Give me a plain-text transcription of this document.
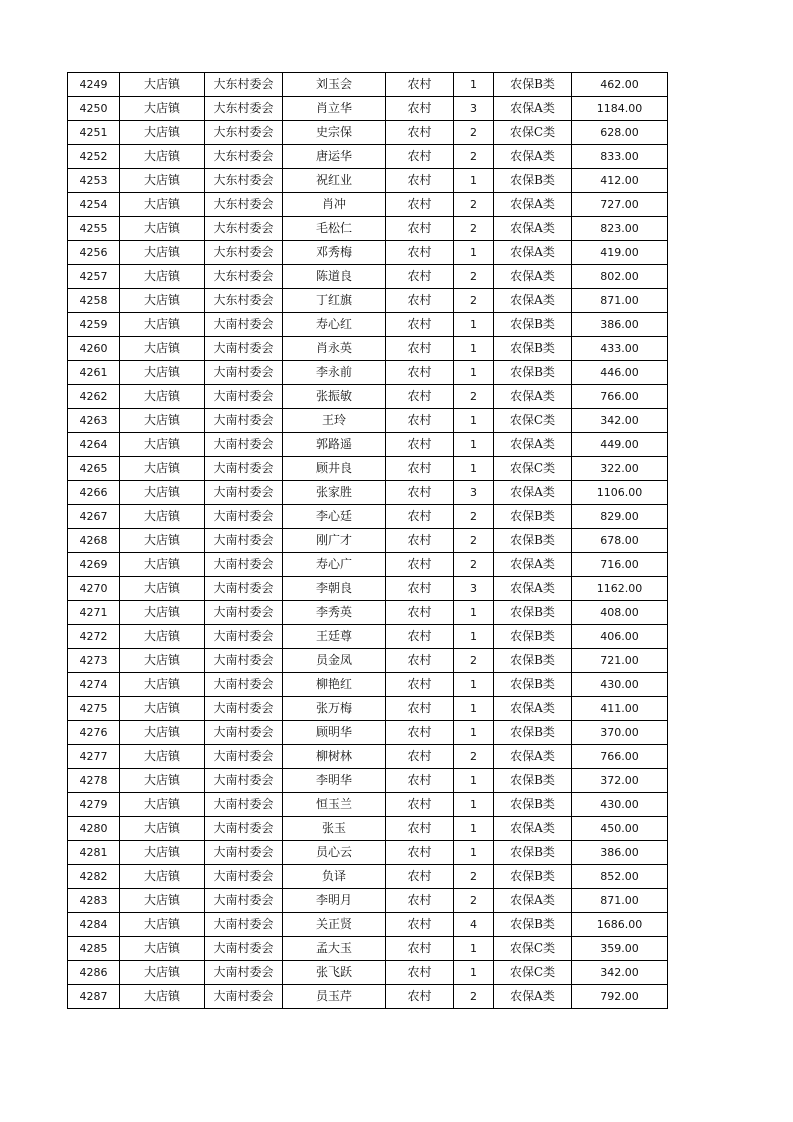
4249	大店镇	大东村委会	刘玉会	农村	1	农保B类	462.00
4250	大店镇	大东村委会	肖立华	农村	3	农保A类	1184.00
4251	大店镇	大东村委会	史宗保	农村	2	农保C类	628.00
4252	大店镇	大东村委会	唐运华	农村	2	农保A类	833.00
4253	大店镇	大东村委会	祝红业	农村	1	农保B类	412.00
4254	大店镇	大东村委会	肖冲	农村	2	农保A类	727.00
4255	大店镇	大东村委会	毛松仁	农村	2	农保A类	823.00
4256	大店镇	大东村委会	邓秀梅	农村	1	农保A类	419.00
4257	大店镇	大东村委会	陈道良	农村	2	农保A类	802.00
4258	大店镇	大东村委会	丁红旗	农村	2	农保A类	871.00
4259	大店镇	大南村委会	寿心红	农村	1	农保B类	386.00
4260	大店镇	大南村委会	肖永英	农村	1	农保B类	433.00
4261	大店镇	大南村委会	李永前	农村	1	农保B类	446.00
4262	大店镇	大南村委会	张振敏	农村	2	农保A类	766.00
4263	大店镇	大南村委会	王玲	农村	1	农保C类	342.00
4264	大店镇	大南村委会	郭路遥	农村	1	农保A类	449.00
4265	大店镇	大南村委会	顾井良	农村	1	农保C类	322.00
4266	大店镇	大南村委会	张家胜	农村	3	农保A类	1106.00
4267	大店镇	大南村委会	李心廷	农村	2	农保B类	829.00
4268	大店镇	大南村委会	刚广才	农村	2	农保B类	678.00
4269	大店镇	大南村委会	寿心广	农村	2	农保A类	716.00
4270	大店镇	大南村委会	李朝良	农村	3	农保A类	1162.00
4271	大店镇	大南村委会	李秀英	农村	1	农保B类	408.00
4272	大店镇	大南村委会	王廷尊	农村	1	农保B类	406.00
4273	大店镇	大南村委会	员金凤	农村	2	农保B类	721.00
4274	大店镇	大南村委会	柳艳红	农村	1	农保B类	430.00
4275	大店镇	大南村委会	张万梅	农村	1	农保A类	411.00
4276	大店镇	大南村委会	顾明华	农村	1	农保B类	370.00
4277	大店镇	大南村委会	柳树林	农村	2	农保A类	766.00
4278	大店镇	大南村委会	李明华	农村	1	农保B类	372.00
4279	大店镇	大南村委会	恒玉兰	农村	1	农保B类	430.00
4280	大店镇	大南村委会	张玉	农村	1	农保A类	450.00
4281	大店镇	大南村委会	员心云	农村	1	农保B类	386.00
4282	大店镇	大南村委会	负译	农村	2	农保B类	852.00
4283	大店镇	大南村委会	李明月	农村	2	农保A类	871.00
4284	大店镇	大南村委会	关正贤	农村	4	农保B类	1686.00
4285	大店镇	大南村委会	孟大玉	农村	1	农保C类	359.00
4286	大店镇	大南村委会	张飞跃	农村	1	农保C类	342.00
4287	大店镇	大南村委会	员玉芹	农村	2	农保A类	792.00
